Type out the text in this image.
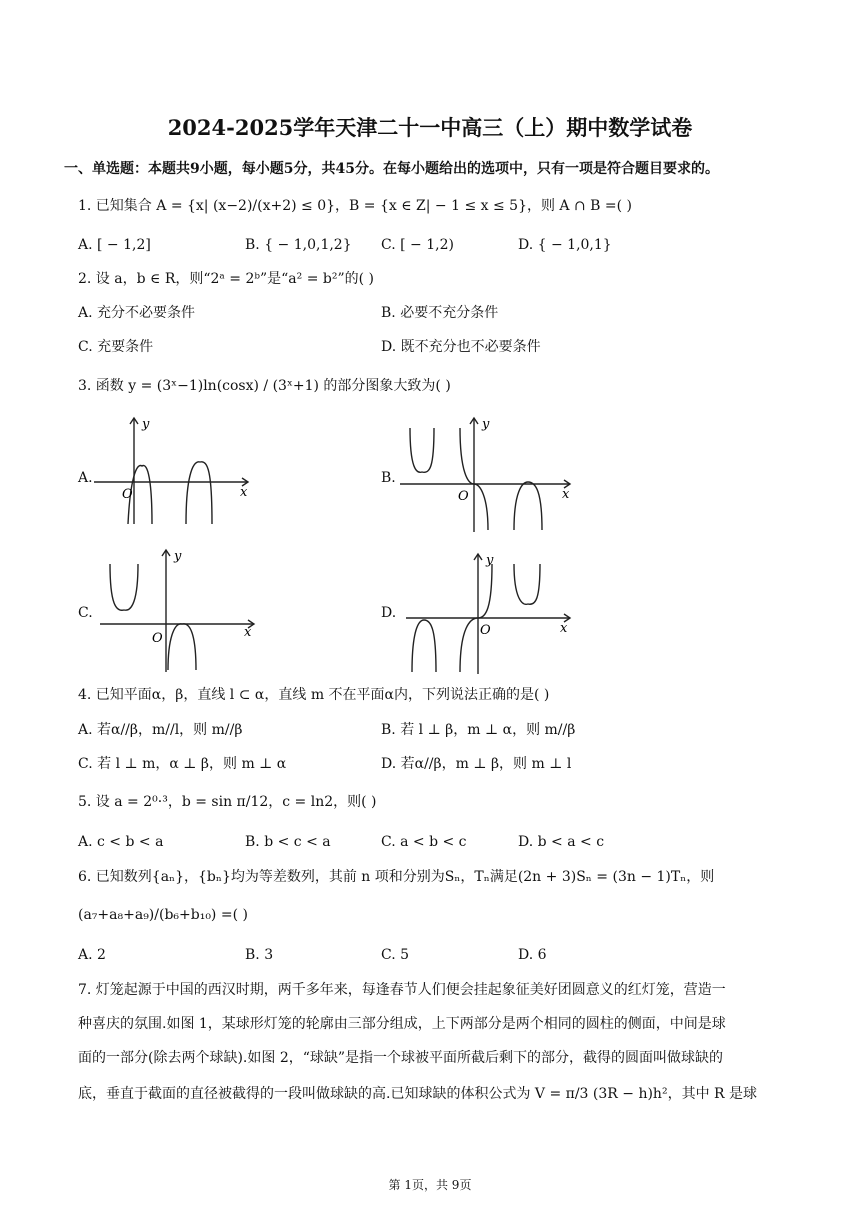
2024-2025学年天津二十一中高三（上）期中数学试卷
一、单选题：本题共9小题，每小题5分，共45分。在每小题给出的选项中，只有一项是符合题目要求的。
1. 已知集合 A = {x| (x−2)/(x+2) ≤ 0}，B = {x ∈ Z| − 1 ≤ x ≤ 5}，则 A ∩ B =( )
A. [ − 1,2]	B. { − 1,0,1,2} C. [ − 1,2)	D. { − 1,0,1}
2. 设 a，b ∈ R，则“2ᵃ = 2ᵇ”是“a² = b²”的( )
A. 充分不必要条件	B. 必要不充分条件
C. 充要条件	D. 既不充分也不必要条件
3. 函数 y = (3ˣ−1)ln(cosx) / (3ˣ+1) 的部分图象大致为( )
A.
y
x
O
B.
y
x
O
C.
y
x
O
D.
y
x
O
4. 已知平面α，β，直线 l ⊂ α，直线 m 不在平面α内，下列说法正确的是( )
A. 若α//β，m//l，则 m//β	B. 若 l ⊥ β，m ⊥ α，则 m//β
C. 若 l ⊥ m，α ⊥ β，则 m ⊥ α	D. 若α//β，m ⊥ β，则 m ⊥ l
5. 设 a = 2⁰·³，b = sin π/12，c = ln2，则( )
A. c < b < a	B. b < c < a	C. a < b < c	D. b < a < c
6. 已知数列{aₙ}，{bₙ}均为等差数列，其前 n 项和分别为Sₙ，Tₙ满足(2n + 3)Sₙ = (3n − 1)Tₙ，则
(a₇+a₈+a₉)/(b₆+b₁₀) =( )
A. 2	B. 3	C. 5	D. 6
7. 灯笼起源于中国的西汉时期，两千多年来，每逢春节人们便会挂起象征美好团圆意义的红灯笼，营造一
种喜庆的氛围.如图 1，某球形灯笼的轮廓由三部分组成，上下两部分是两个相同的圆柱的侧面，中间是球
面的一部分(除去两个球缺).如图 2，“球缺”是指一个球被平面所截后剩下的部分，截得的圆面叫做球缺的
底，垂直于截面的直径被截得的一段叫做球缺的高.已知球缺的体积公式为 V = π/3 (3R − h)h²，其中 R 是球
第 1页，共 9页
